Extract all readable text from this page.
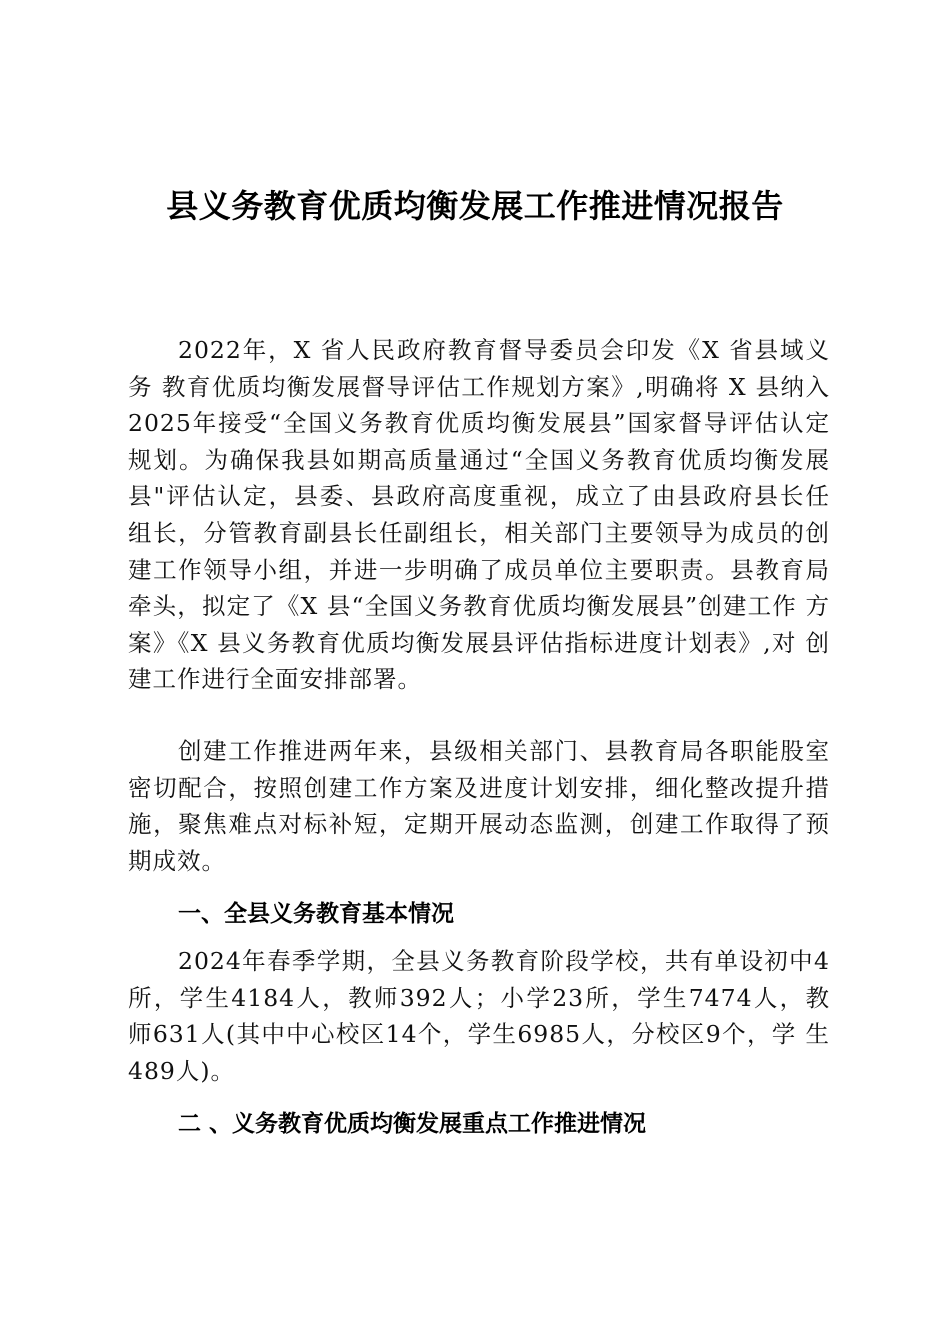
县义务教育优质均衡发展工作推进情况报告

2022年，X 省人民政府教育督导委员会印发《X 省县域义务 教育优质均衡发展督导评估工作规划方案》,明确将 X 县纳入 2025年接受“全国义务教育优质均衡发展县”国家督导评估认定 规划。为确保我县如期高质量通过“全国义务教育优质均衡发展 县"评估认定，县委、县政府高度重视，成立了由县政府县长任 组长，分管教育副县长任副组长，相关部门主要领导为成员的创 建工作领导小组，并进一步明确了成员单位主要职责。县教育局 牵头，拟定了《X 县“全国义务教育优质均衡发展县”创建工作 方案》《X 县义务教育优质均衡发展县评估指标进度计划表》,对 创建工作进行全面安排部署。

创建工作推进两年来，县级相关部门、县教育局各职能股室密切配合，按照创建工作方案及进度计划安排，细化整改提升措施，聚焦难点对标补短，定期开展动态监测，创建工作取得了预期成效。

一、全县义务教育基本情况

2024年春季学期，全县义务教育阶段学校，共有单设初中4 所，学生4184人，教师392人；小学23所，学生7474人，教 师631人(其中中心校区14个，学生6985人，分校区9个，学 生489人)。

二 、义务教育优质均衡发展重点工作推进情况
